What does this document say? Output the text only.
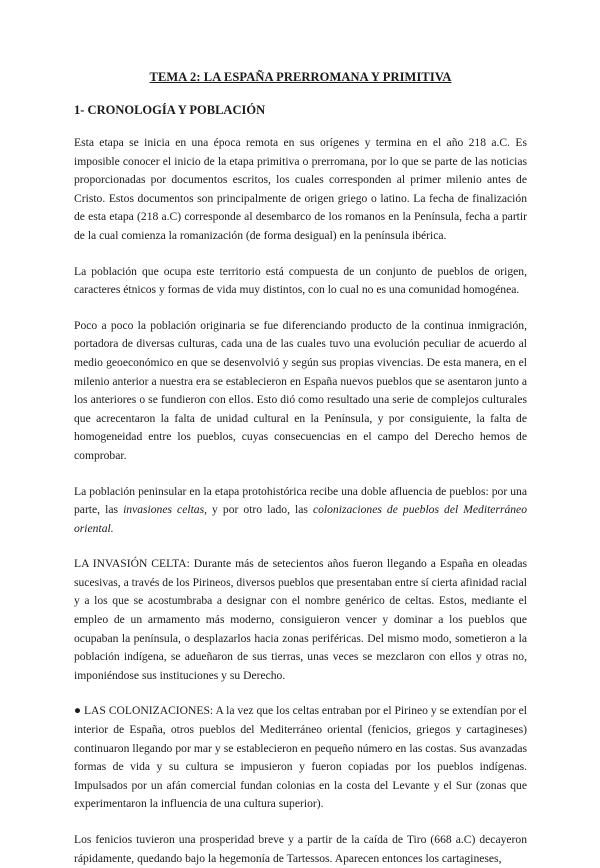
TEMA 2: LA ESPAÑA PRERROMANA Y PRIMITIVA
1- CRONOLOGÍA Y POBLACIÓN

Esta etapa se inicia en una época remota en sus orígenes y termina en el año 218 a.C. Es imposible conocer el inicio de la etapa primitiva o prerromana, por lo que se parte de las noticias proporcionadas por documentos escritos, los cuales corresponden al primer milenio antes de Cristo. Estos documentos son principalmente de origen griego o latino. La fecha de finalización de esta etapa (218 a.C) corresponde al desembarco de los romanos en la Península, fecha a partir de la cual comienza la romanización (de forma desigual) en la península ibérica.

La población que ocupa este territorio está compuesta de un conjunto de pueblos de origen, caracteres étnicos y formas de vida muy distintos, con lo cual no es una comunidad homogénea.

Poco a poco la población originaria se fue diferenciando producto de la continua inmigración, portadora de diversas culturas, cada una de las cuales tuvo una evolución peculiar de acuerdo al medio geoeconómico en que se desenvolvió y según sus propias vivencias. De esta manera, en el milenio anterior a nuestra era se establecieron en España nuevos pueblos que se asentaron junto a los anteriores o se fundieron con ellos. Esto dió como resultado una serie de complejos culturales que acrecentaron la falta de unidad cultural en la Península, y por consiguiente, la falta de homogeneidad entre los pueblos, cuyas consecuencias en el campo del Derecho hemos de comprobar.

La población peninsular en la etapa protohistórica recibe una doble afluencia de pueblos: por una parte, las invasiones celtas, y por otro lado, las colonizaciones de pueblos del Mediterráneo oriental.

LA INVASIÓN CELTA: Durante más de setecientos años fueron llegando a España en oleadas sucesivas, a través de los Pirineos, diversos pueblos que presentaban entre sí cierta afinidad racial y a los que se acostumbraba a designar con el nombre genérico de celtas. Estos, mediante el empleo de un armamento más moderno, consiguieron vencer y dominar a los pueblos que ocupaban la península, o desplazarlos hacia zonas periféricas. Del mismo modo, sometieron a la población indígena, se adueñaron de sus tierras, unas veces se mezclaron con ellos y otras no, imponiéndose sus instituciones y su Derecho.

● LAS COLONIZACIONES: A la vez que los celtas entraban por el Pirineo y se extendían por el interior de España, otros pueblos del Mediterráneo oriental (fenicios, griegos y cartagineses) continuaron llegando por mar y se establecieron en pequeño número en las costas. Sus avanzadas formas de vida y su cultura se impusieron y fueron copiadas por los pueblos indígenas. Impulsados por un afán comercial fundan colonias en la costa del Levante y el Sur (zonas que experimentaron la influencia de una cultura superior).

Los fenicios tuvieron una prosperidad breve y a partir de la caída de Tiro (668 a.C) decayeron rápidamente, quedando bajo la hegemonía de Tartessos. Aparecen entonces los cartagineses,
